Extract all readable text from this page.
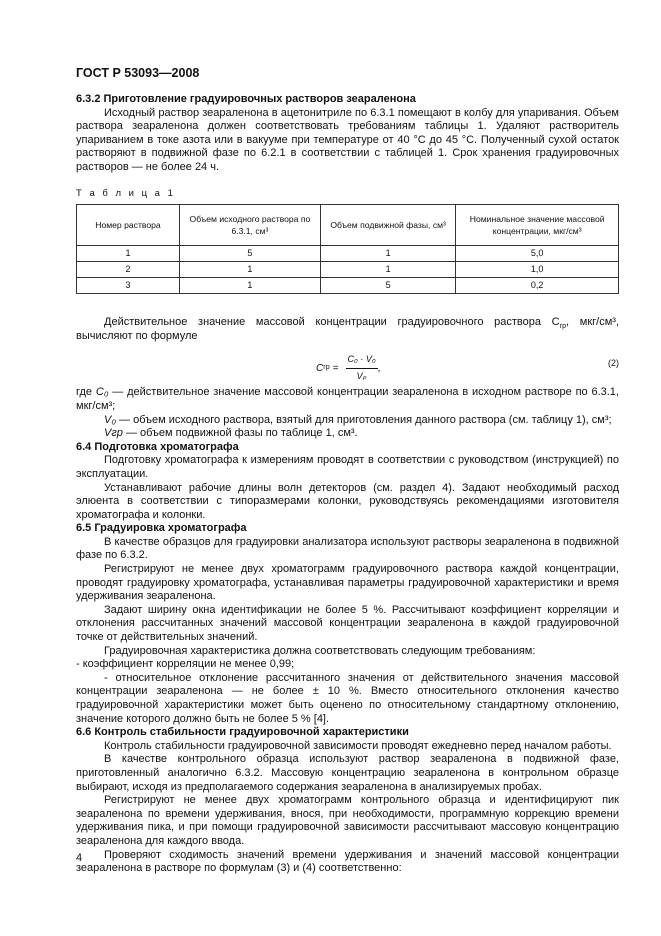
ГОСТ Р 53093—2008

6.3.2 Приготовление градуировочных растворов зеараленона

Исходный раствор зеараленона в ацетонитриле по 6.3.1 помещают в колбу для упаривания. Объем раствора зеараленона должен соответствовать требованиям таблицы 1. Удаляют растворитель упариванием в токе азота или в вакууме при температуре от 40 °С до 45 °С. Полученный сухой остаток растворяют в подвижной фазе по 6.2.1 в соответствии с таблицей 1. Срок хранения градуировочных растворов — не более 24 ч.

Т а б л и ц а 1

Номер раствора	Объем исходного раствора по 6.3.1, см³	Объем подвижной фазы, см³	Номинальное значение массовой концентрации, мкг/см³
1	5	1	5,0
2	1	1	1,0
3	1	5	0,2

Действительное значение массовой концентрации градуировочного раствора $C_{гр}$, мкг/см³, вычисляют по формуле

C гр = $\frac{\text{C₀ · V₀}}{\text{Vₚ}}$ ,	(2)

где C₀ — действительное значение массовой концентрации зеараленона в исходном растворе по 6.3.1, мкг/см³;

V₀ — объем исходного раствора, взятый для приготовления данного раствора (см. таблицу 1), см³;

Vгр — объем подвижной фазы по таблице 1, см³.

6.4 Подготовка хроматографа

Подготовку хроматографа к измерениям проводят в соответствии с руководством (инструкцией) по эксплуатации.

Устанавливают рабочие длины волн детекторов (см. раздел 4). Задают необходимый расход элюента в соответствии с типоразмерами колонки, руководствуясь рекомендациями изготовителя хроматографа и колонки.

6.5 Градуировка хроматографа

В качестве образцов для градуировки анализатора используют растворы зеараленона в подвижной фазе по 6.3.2.

Регистрируют не менее двух хроматограмм градуировочного раствора каждой концентрации, проводят градуировку хроматографа, устанавливая параметры градуировочной характеристики и время удерживания зеараленона.

Задают ширину окна идентификации не более 5 %. Рассчитывают коэффициент корреляции и отклонения рассчитанных значений массовой концентрации зеараленона в каждой градуировочной точке от действительных значений.

Градуировочная характеристика должна соответствовать следующим требованиям:

- коэффициент корреляции не менее 0,99;

- относительное отклонение рассчитанного значения от действительного значения массовой концентрации зеараленона — не более ± 10 %. Вместо относительного отклонения качество градуировочной характеристики может быть оценено по относительному стандартному отклонению, значение которого должно быть не более 5 % [4].

6.6 Контроль стабильности градуировочной характеристики

Контроль стабильности градуировочной зависимости проводят ежедневно перед началом работы.

В качестве контрольного образца используют раствор зеараленона в подвижной фазе, приготовленный аналогично 6.3.2. Массовую концентрацию зеараленона в контрольном образце выбирают, исходя из предполагаемого содержания зеараленона в анализируемых пробах.

Регистрируют не менее двух хроматограмм контрольного образца и идентифицируют пик зеараленона по времени удерживания, внося, при необходимости, программную коррекцию времени удерживания пика, и при помощи градуировочной зависимости рассчитывают массовую концентрацию зеараленона для каждого ввода.

Проверяют сходимость значений времени удерживания и значений массовой концентрации зеараленона в растворе по формулам (3) и (4) соответственно:

4
